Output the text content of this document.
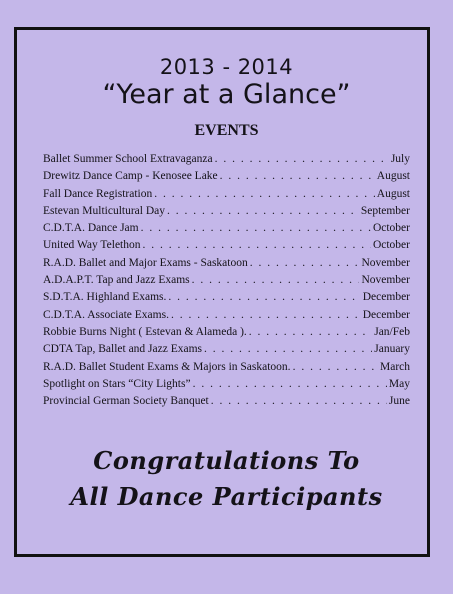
2013 - 2014
“Year at a Glance”
EVENTS
Ballet Summer School Extravaganza . . .	July
Drewitz Dance Camp - Kenosee Lake . . .	August
Fall Dance Registration . . .	August
Estevan Multicultural Day . . .	September
C.D.T.A. Dance Jam . . .	October
United Way Telethon . . .	October
R.A.D. Ballet and Major Exams - Saskatoon . . .	November
A.D.A.P.T. Tap and Jazz Exams . . .	November
S.D.T.A. Highland Exams. . . .	December
C.D.T.A. Associate Exams. . . .	December
Robbie Burns Night ( Estevan & Alameda ). . . .	Jan/Feb
CDTA Tap, Ballet and Jazz Exams . . .	January
R.A.D. Ballet Student Exams & Majors in Saskatoon. . . .	March
Spotlight on Stars “City Lights” . . .	May
Provincial German Society Banquet . . .	June
Congratulations To
All Dance Participants
